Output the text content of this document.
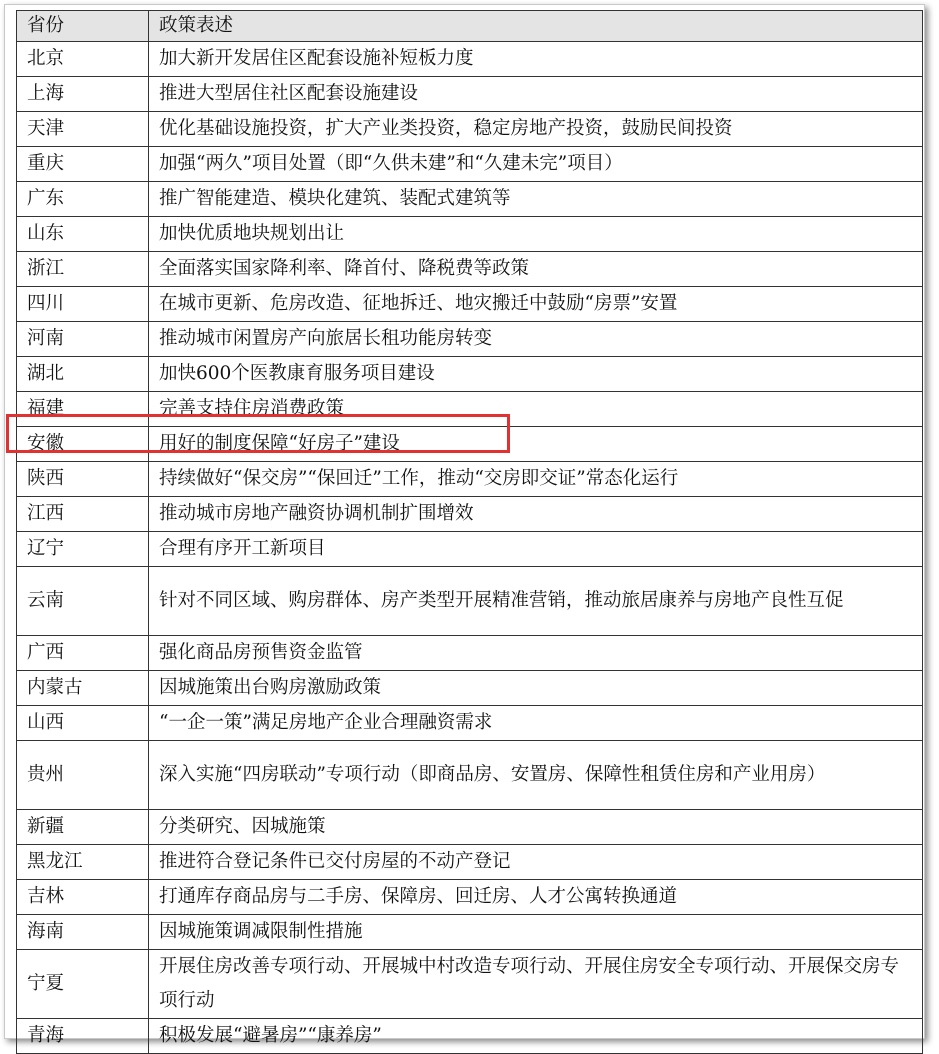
省份	政策表述
北京	加大新开发居住区配套设施补短板力度
上海	推进大型居住社区配套设施建设
天津	优化基础设施投资，扩大产业类投资，稳定房地产投资，鼓励民间投资
重庆	加强“两久”项目处置（即“久供未建”和“久建未完”项目）
广东	推广智能建造、模块化建筑、装配式建筑等
山东	加快优质地块规划出让
浙江	全面落实国家降利率、降首付、降税费等政策
四川	在城市更新、危房改造、征地拆迁、地灾搬迁中鼓励“房票”安置
河南	推动城市闲置房产向旅居长租功能房转变
湖北	加快600个医教康育服务项目建设
福建	完善支持住房消费政策
安徽	用好的制度保障“好房子”建设
陕西	持续做好“保交房”“保回迁”工作，推动“交房即交证”常态化运行
江西	推动城市房地产融资协调机制扩围增效
辽宁	合理有序开工新项目
云南	针对不同区域、购房群体、房产类型开展精准营销，推动旅居康养与房地产良性互促
广西	强化商品房预售资金监管
内蒙古	因城施策出台购房激励政策
山西	“一企一策”满足房地产企业合理融资需求
贵州	深入实施“四房联动”专项行动（即商品房、安置房、保障性租赁住房和产业用房）
新疆	分类研究、因城施策
黑龙江	推进符合登记条件已交付房屋的不动产登记
吉林	打通库存商品房与二手房、保障房、回迁房、人才公寓转换通道
海南	因城施策调减限制性措施
宁夏	开展住房改善专项行动、开展城中村改造专项行动、开展住房安全专项行动、开展保交房专项行动
青海	积极发展“避暑房”“康养房”
